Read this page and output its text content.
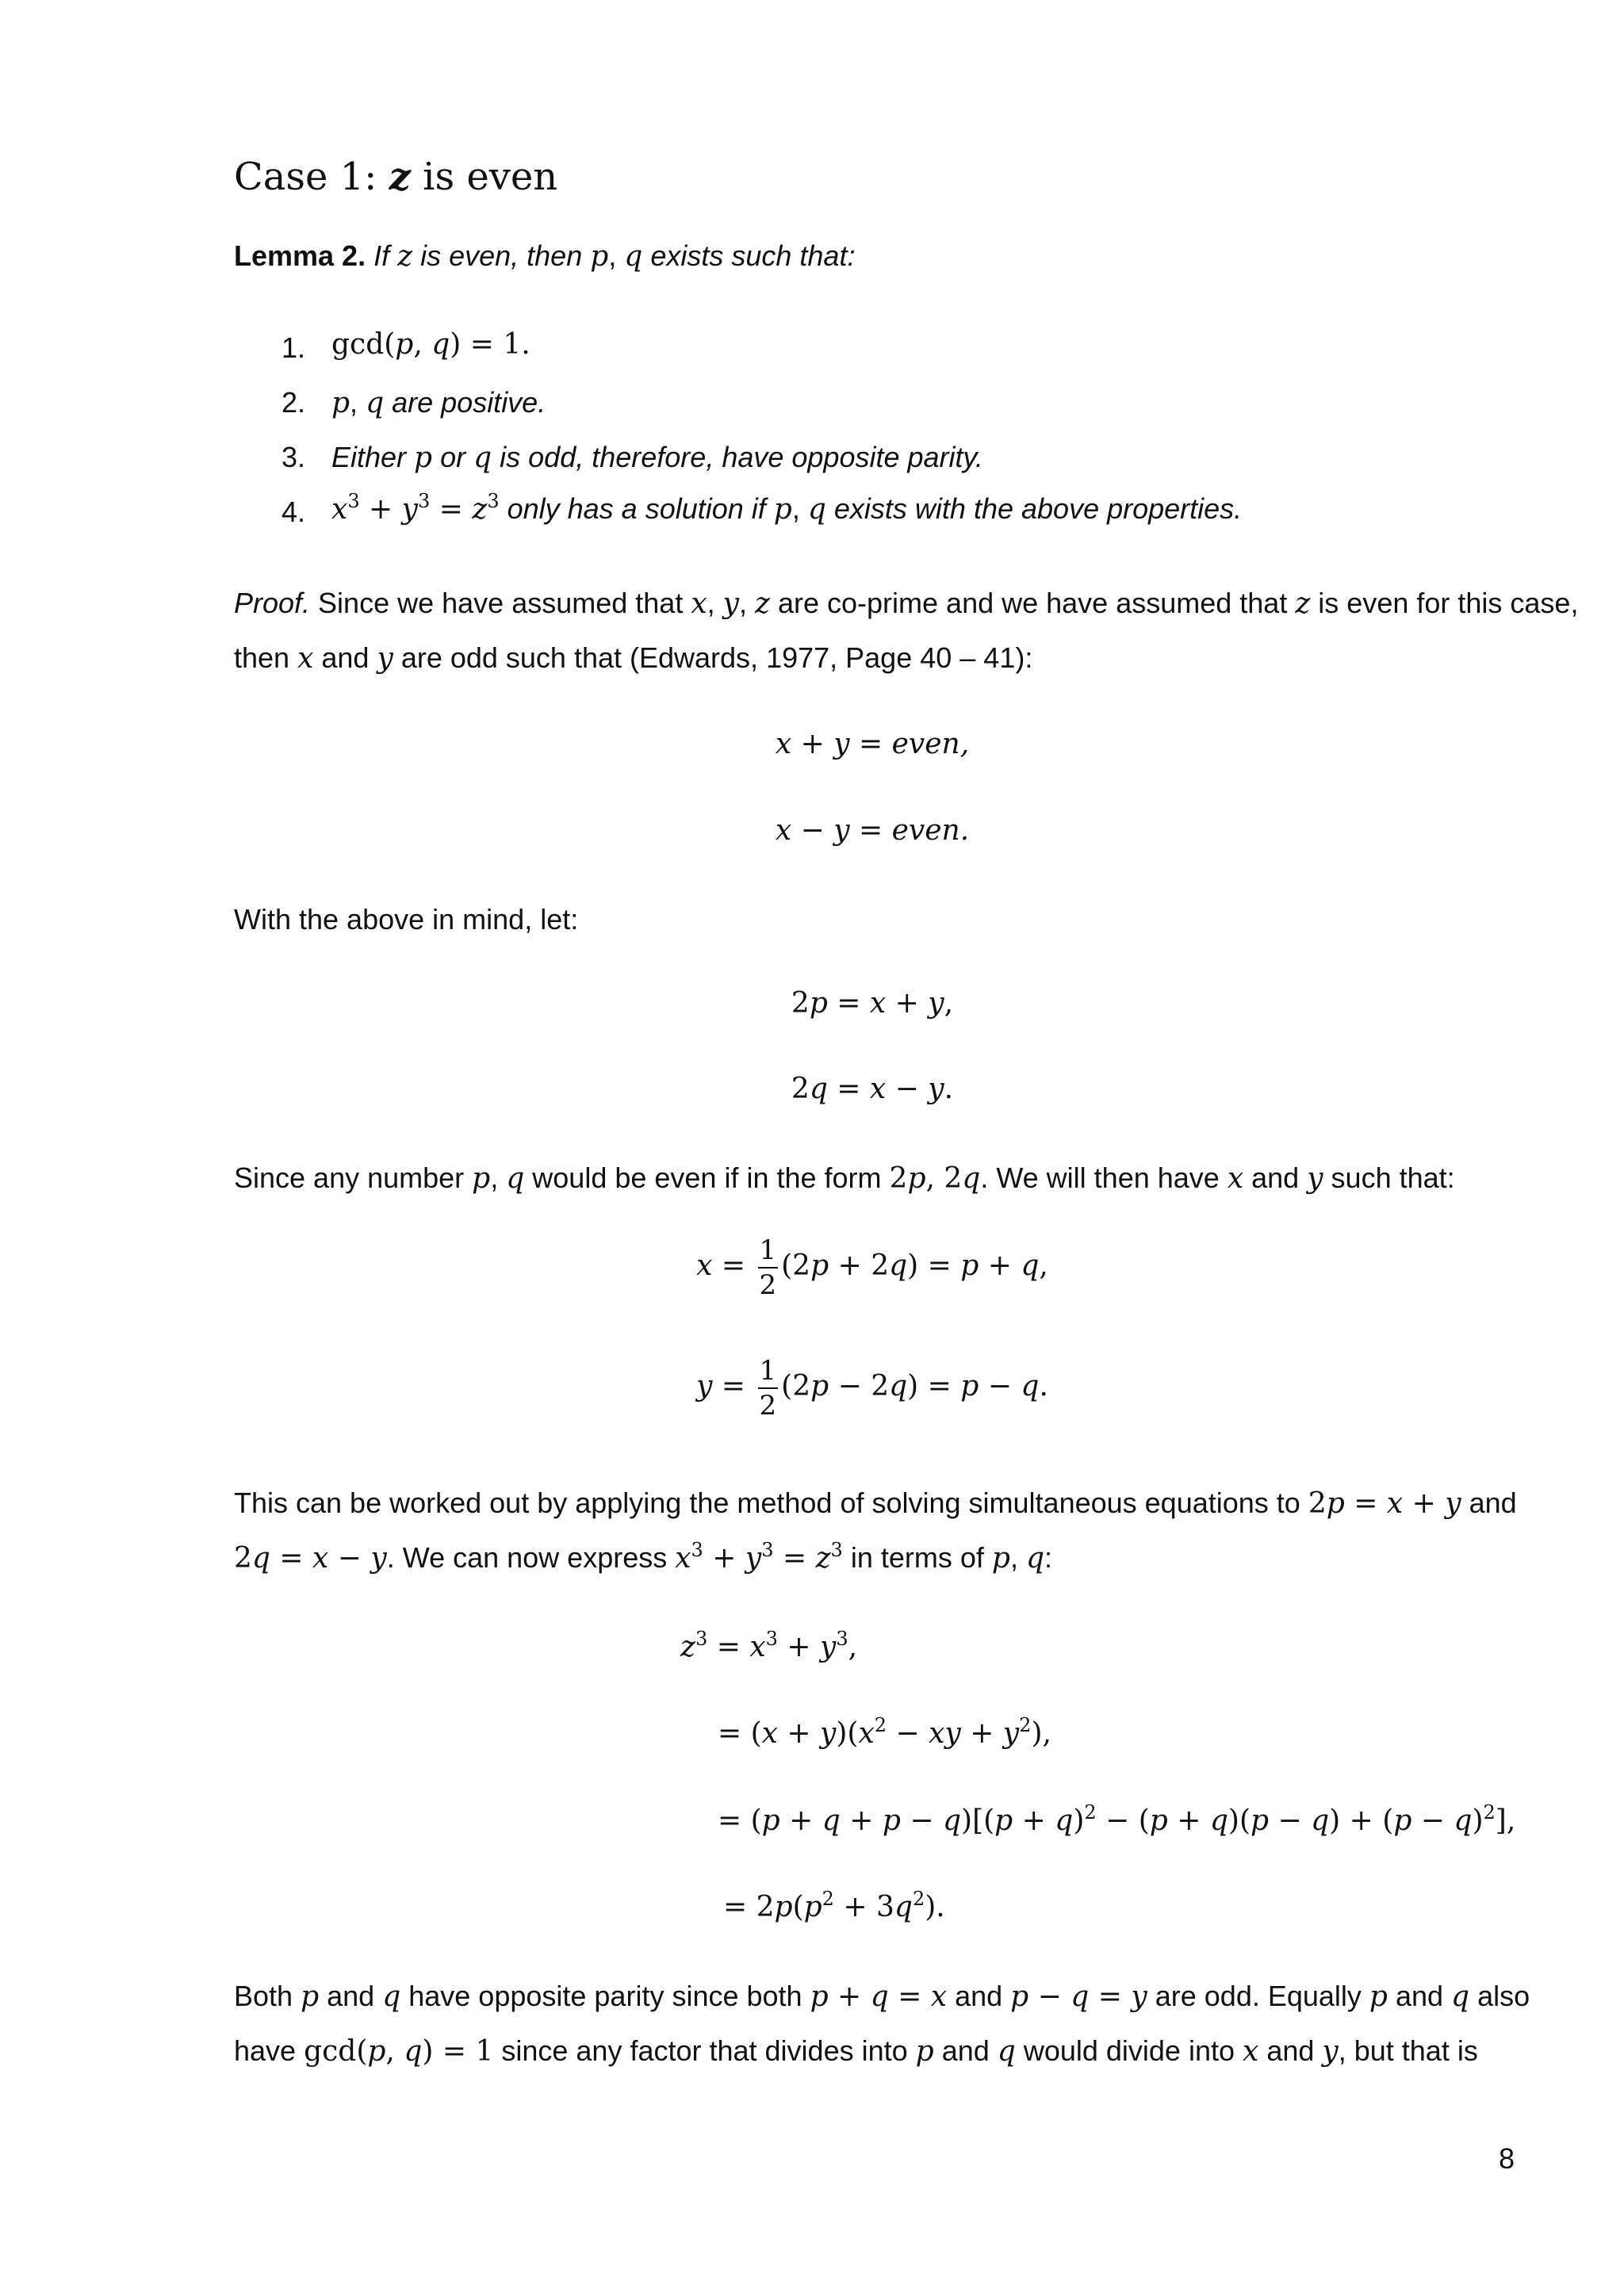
Case 1: z is even
Lemma 2. If z is even, then p, q exists such that:
1. gcd(p, q) = 1.
2. p, q are positive.
3. Either p or q is odd, therefore, have opposite parity.
4. $x^3 + y^3 = z^3$ only has a solution if p, q exists with the above properties.
Proof. Since we have assumed that x, y, z are co-prime and we have assumed that z is even for this case,
then x and y are odd such that (Edwards, 1977, Page 40 – 41):
x + y = even,
x − y = even.
With the above in mind, let:
2p = x + y,
2q = x − y.
Since any number p, q would be even if in the form 2p, 2q. We will then have x and y such that:
$x = \frac{1}{2} (2p + 2q) = p + q$,
$y = \frac{1}{2} (2p - 2q) = p - q$.
This can be worked out by applying the method of solving simultaneous equations to 2p = x + y and
2q = x − y. We can now express $x^3 + y^3 = z^3$ in terms of p, q:
$z^3 = x^3 + y^3$,
= $(x + y)(x^2$ − xy + $y^2$),
= $(p + q + p - q)[(p + q)^2 - (p + q)(p - q) + (p - q)^2]$,
= $2p(p^2 + 3q^2)$.
Both p and q have opposite parity since both p + q = x and p − q = y are odd. Equally p and q also
have gcd(p, q) = 1 since any factor that divides into p and q would divide into x and y, but that is
8
